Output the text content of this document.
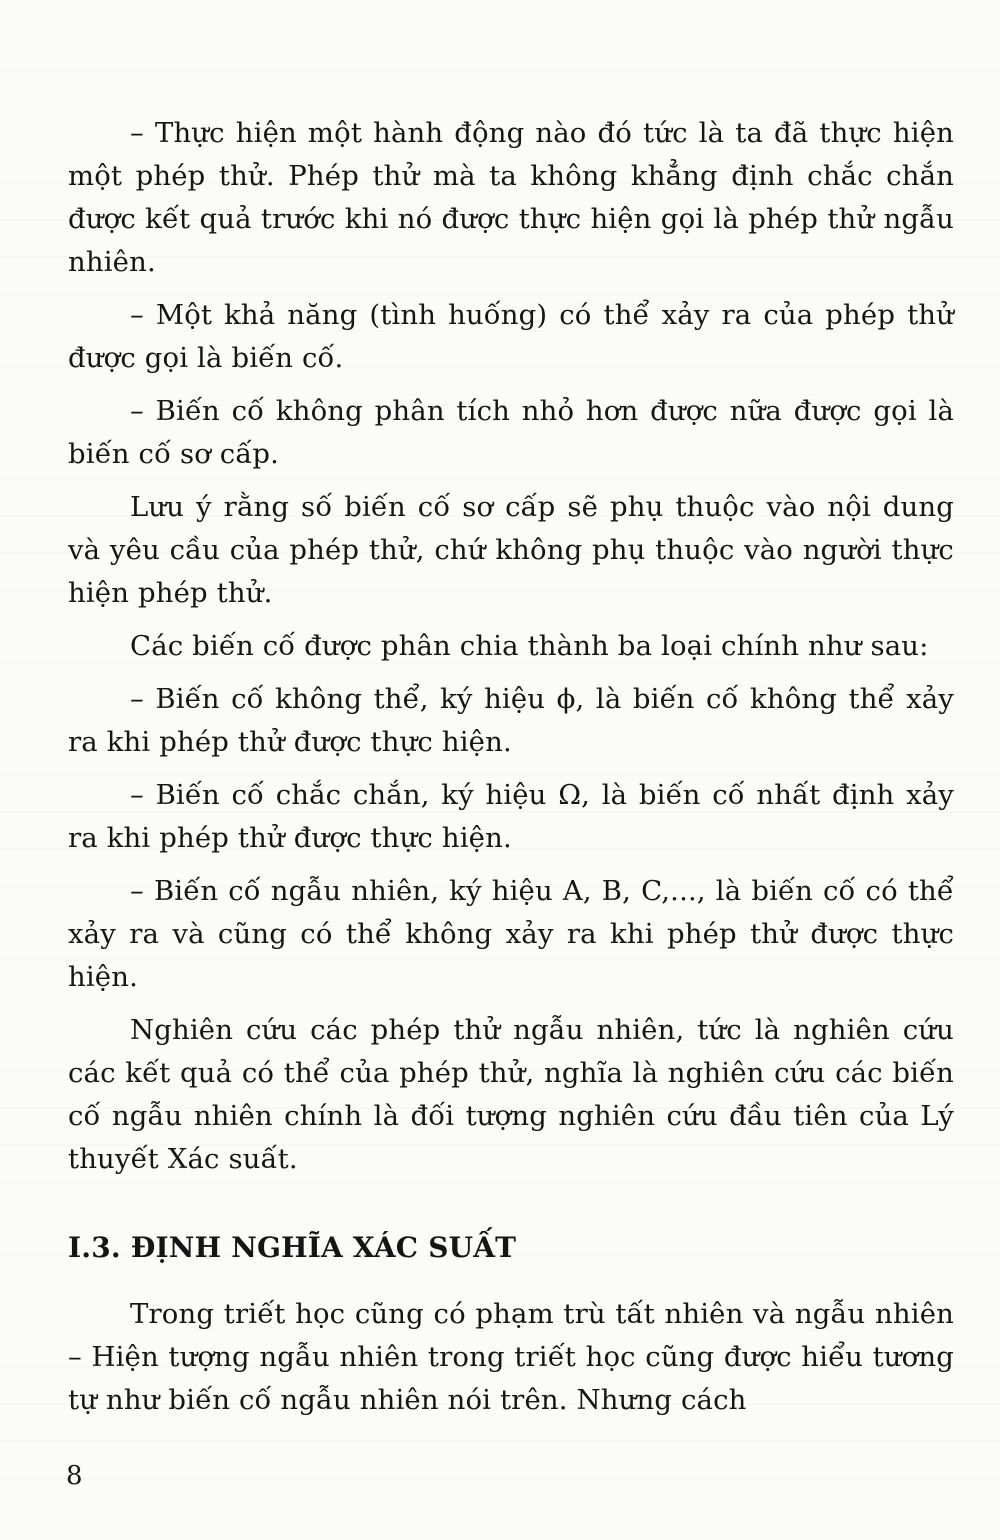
– Thực hiện một hành động nào đó tức là ta đã thực hiện một phép thử. Phép thử mà ta không khẳng định chắc chắn được kết quả trước khi nó được thực hiện gọi là phép thử ngẫu nhiên.

– Một khả năng (tình huống) có thể xảy ra của phép thử được gọi là biến cố.

– Biến cố không phân tích nhỏ hơn được nữa được gọi là biến cố sơ cấp.

Lưu ý rằng số biến cố sơ cấp sẽ phụ thuộc vào nội dung và yêu cầu của phép thử, chứ không phụ thuộc vào người thực hiện phép thử.

Các biến cố được phân chia thành ba loại chính như sau:

– Biến cố không thể, ký hiệu ϕ, là biến cố không thể xảy ra khi phép thử được thực hiện.

– Biến cố chắc chắn, ký hiệu Ω, là biến cố nhất định xảy ra khi phép thử được thực hiện.

– Biến cố ngẫu nhiên, ký hiệu A, B, C,..., là biến cố có thể xảy ra và cũng có thể không xảy ra khi phép thử được thực hiện.

Nghiên cứu các phép thử ngẫu nhiên, tức là nghiên cứu các kết quả có thể của phép thử, nghĩa là nghiên cứu các biến cố ngẫu nhiên chính là đối tượng nghiên cứu đầu tiên của Lý thuyết Xác suất.

I.3. ĐỊNH NGHĨA XÁC SUẤT

Trong triết học cũng có phạm trù tất nhiên và ngẫu nhiên – Hiện tượng ngẫu nhiên trong triết học cũng được hiểu tương tự như biến cố ngẫu nhiên nói trên. Nhưng cách

8
